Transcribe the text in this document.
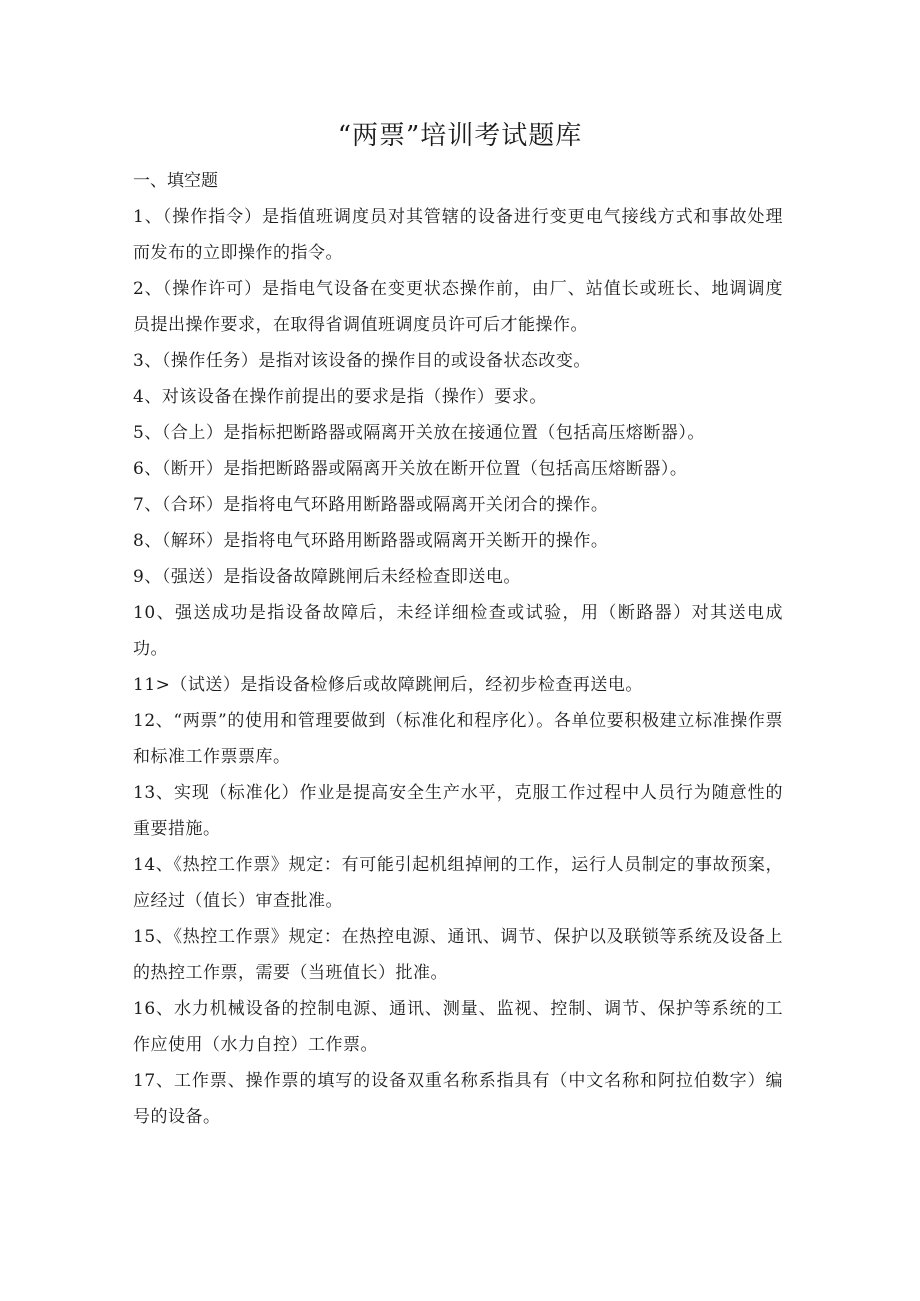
“两票”培训考试题库

一、填空题

1、（操作指令）是指值班调度员对其管辖的设备进行变更电气接线方式和事故处理而发布的立即操作的指令。

2、（操作许可）是指电气设备在变更状态操作前，由厂、站值长或班长、地调调度员提出操作要求，在取得省调值班调度员许可后才能操作。

3、（操作任务）是指对该设备的操作目的或设备状态改变。

4、对该设备在操作前提出的要求是指（操作）要求。

5、（合上）是指标把断路器或隔离开关放在接通位置（包括高压熔断器）。

6、（断开）是指把断路器或隔离开关放在断开位置（包括高压熔断器）。

7、（合环）是指将电气环路用断路器或隔离开关闭合的操作。

8、（解环）是指将电气环路用断路器或隔离开关断开的操作。

9、（强送）是指设备故障跳闸后未经检查即送电。

10、强送成功是指设备故障后，未经详细检查或试验，用（断路器）对其送电成功。

11>（试送）是指设备检修后或故障跳闸后，经初步检查再送电。

12、“两票”的使用和管理要做到（标准化和程序化）。各单位要积极建立标准操作票和标准工作票票库。

13、实现（标准化）作业是提高安全生产水平，克服工作过程中人员行为随意性的重要措施。

14、《热控工作票》规定：有可能引起机组掉闸的工作，运行人员制定的事故预案，应经过（值长）审查批准。

15、《热控工作票》规定：在热控电源、通讯、调节、保护以及联锁等系统及设备上的热控工作票，需要（当班值长）批准。

16、水力机械设备的控制电源、通讯、测量、监视、控制、调节、保护等系统的工作应使用（水力自控）工作票。

17、工作票、操作票的填写的设备双重名称系指具有（中文名称和阿拉伯数字）编号的设备。
